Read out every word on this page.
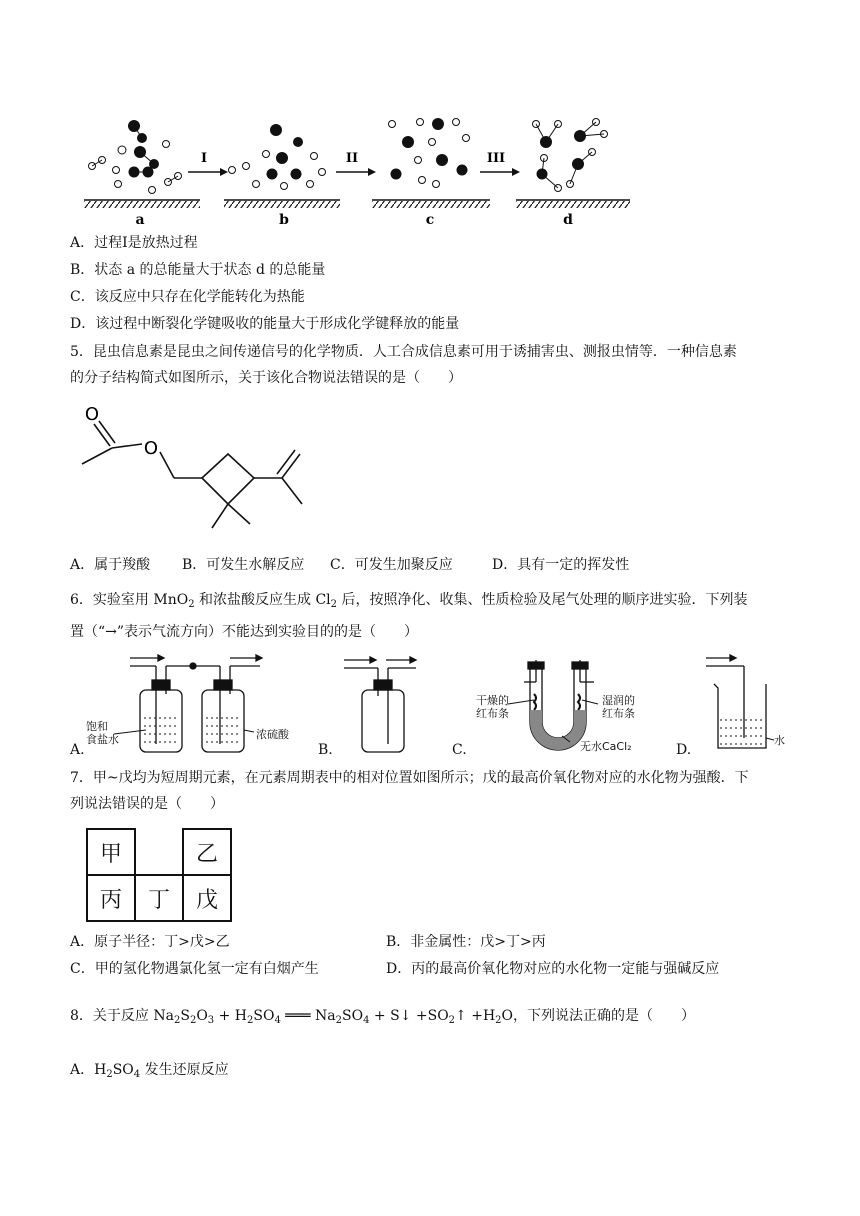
a
I
b
II
c
III
d
A．过程Ⅰ是放热过程
B．状态 a 的总能量大于状态 d 的总能量
C．该反应中只存在化学能转化为热能
D．该过程中断裂化学键吸收的能量大于形成化学键释放的能量
5．昆虫信息素是昆虫之间传递信号的化学物质．人工合成信息素可用于诱捕害虫、测报虫情等．一种信息素
的分子结构简式如图所示，关于该化合物说法错误的是（　　）
O
O
A．属于羧酸 B．可发生水解反应 C．可发生加聚反应	D．具有一定的挥发性
6．实验室用 MnO$_2$ 和浓盐酸反应生成 $Cl_2$ 后，按照净化、收集、性质检验及尾气处理的顺序进实验．下列装
置（“→”表示气流方向）不能达到实验目的的是（　　）
饱和
食盐水	浓硫酸
A.	B.
干燥的
红布条
湿润的
红布条
无水CaCl₂
C.
水
D.
7．甲~戊均为短周期元素，在元素周期表中的相对位置如图所示；戊的最高价氧化物对应的水化物为强酸．下
列说法错误的是（　　）
甲		乙
丙	丁	戊
A．原子半径：丁>戊>乙	B．非金属性：戊>丁>丙
C．甲的氢化物遇氯化氢一定有白烟产生	D．丙的最高价氧化物对应的水化物一定能与强碱反应
8．关于反应 $Na_2S_2O_3 + H_2SO_4$ ═══ $Na_2SO_4$ + S↓ $+SO_2↑ +H_2O$，下列说法正确的是（　　）
A．$H_2SO_4$ 发生还原反应
